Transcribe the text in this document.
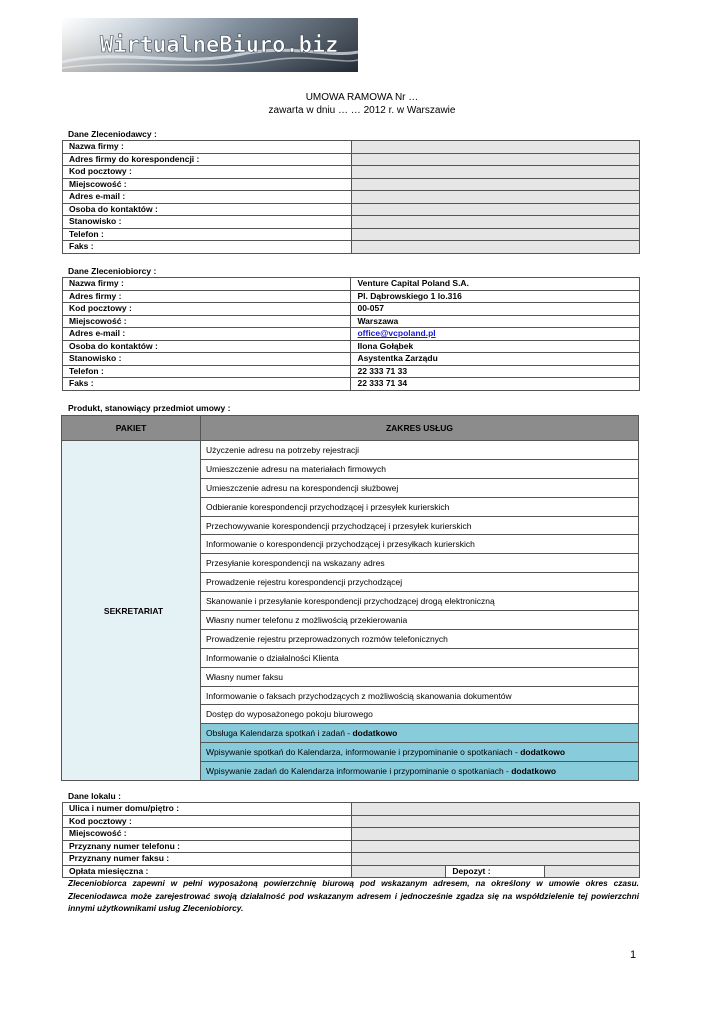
WirtualneBiuro.biz
UMOWA RAMOWA Nr …
zawarta w dniu … … 2012 r. w Warszawie
Dane Zleceniodawcy :
Nazwa firmy :	
Adres firmy do korespondencji :	
Kod pocztowy :	
Miejscowość :	
Adres e-mail :	
Osoba do kontaktów :	
Stanowisko :	
Telefon :	
Faks :	
Dane Zleceniobiorcy :
Nazwa firmy :	Venture Capital Poland S.A.
Adres firmy :	Pl. Dąbrowskiego 1 lo.316
Kod pocztowy :	00-057
Miejscowość :	Warszawa
Adres e-mail :	office@vcpoland.pl
Osoba do kontaktów :	Ilona Gołąbek
Stanowisko :	Asystentka Zarządu
Telefon :	22 333 71 33
Faks :	22 333 71 34
Produkt, stanowiący przedmiot umowy :
PAKIET	ZAKRES USŁUG
SEKRETARIAT	Użyczenie adresu na potrzeby rejestracji
	Umieszczenie adresu na materiałach firmowych
	Umieszczenie adresu na korespondencji służbowej
	Odbieranie korespondencji przychodzącej i przesyłek kurierskich
	Przechowywanie korespondencji przychodzącej i przesyłek kurierskich
	Informowanie o korespondencji przychodzącej i przesyłkach kurierskich
	Przesyłanie korespondencji na wskazany adres
	Prowadzenie rejestru korespondencji przychodzącej
	Skanowanie i przesyłanie korespondencji przychodzącej drogą elektroniczną
	Własny numer telefonu z możliwością przekierowania
	Prowadzenie rejestru przeprowadzonych rozmów telefonicznych
	Informowanie o działalności Klienta
	Własny numer faksu
	Informowanie o faksach przychodzących z możliwością skanowania dokumentów
	Dostęp do wyposażonego pokoju biurowego
	Obsługa Kalendarza spotkań i zadań - dodatkowo
	Wpisywanie spotkań do Kalendarza, informowanie i przypominanie o spotkaniach - dodatkowo
	Wpisywanie zadań do Kalendarza informowanie i przypominanie o spotkaniach - dodatkowo
Dane lokalu :
Ulica i numer domu/piętro :			
Kod pocztowy :			
Miejscowość :			
Przyznany numer telefonu :			
Przyznany numer faksu :			
Opłata miesięczna :		Depozyt :	
Zleceniobiorca zapewni w pełni wyposażoną powierzchnię biurową pod wskazanym adresem, na określony w umowie okres czasu. Zleceniodawca może zarejestrować swoją działalność pod wskazanym adresem i jednocześnie zgadza się na współdzielenie tej powierzchni innymi użytkownikami usług Zleceniobiorcy.
1
